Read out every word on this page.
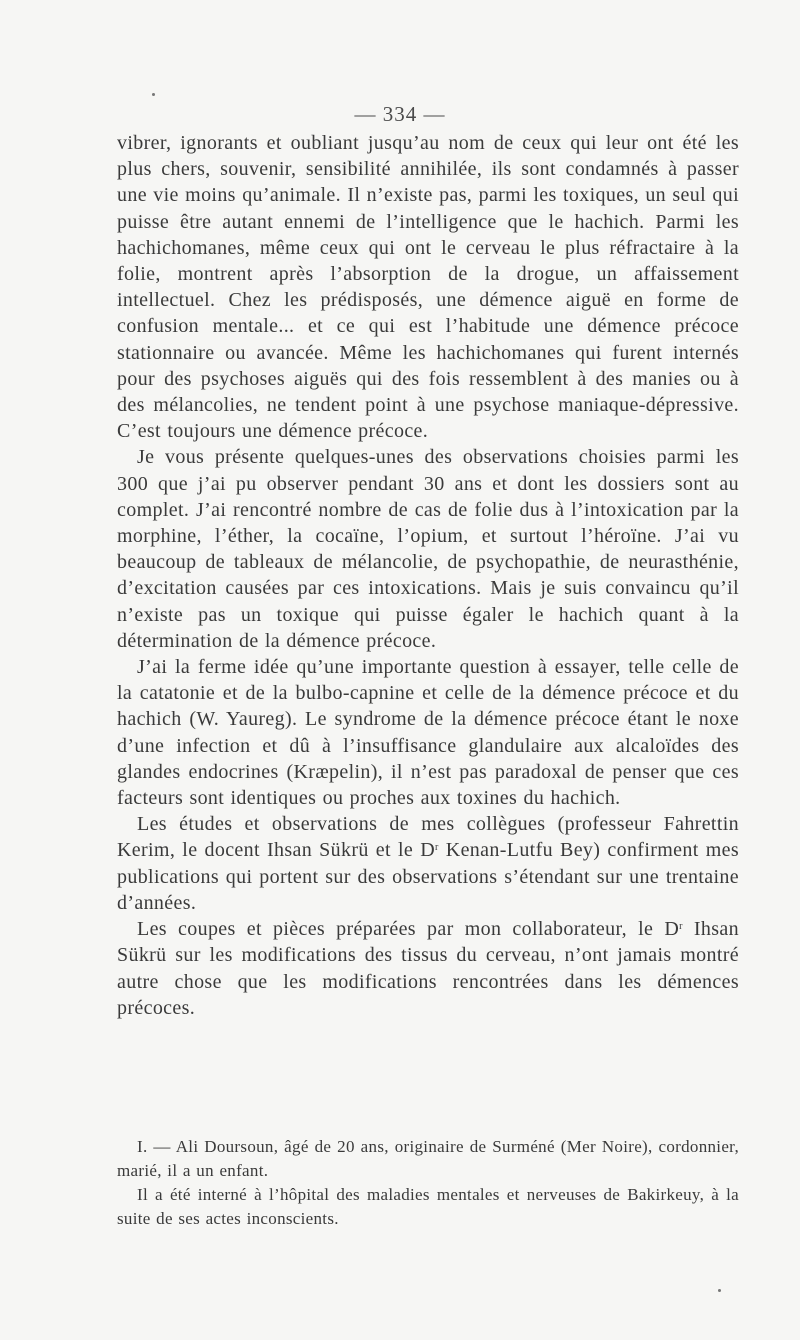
— 334 —

vibrer, ignorants et oubliant jusqu’au nom de ceux qui leur ont été les plus chers, souvenir, sensibilité annihilée, ils sont condamnés à passer une vie moins qu’animale. Il n’existe pas, parmi les toxiques, un seul qui puisse être autant ennemi de l’intelligence que le hachich. Parmi les hachichomanes, même ceux qui ont le cerveau le plus réfractaire à la folie, montrent après l’absorption de la drogue, un affaissement intellectuel. Chez les prédisposés, une démence aiguë en forme de confusion mentale... et ce qui est l’habitude une démence précoce stationnaire ou avancée. Même les hachichomanes qui furent internés pour des psychoses aiguës qui des fois ressemblent à des manies ou à des mélancolies, ne tendent point à une psychose maniaque-dépressive. C’est toujours une démence précoce.

Je vous présente quelques-unes des observations choisies parmi les 300 que j’ai pu observer pendant 30 ans et dont les dossiers sont au complet. J’ai rencontré nombre de cas de folie dus à l’intoxication par la morphine, l’éther, la cocaïne, l’opium, et surtout l’héroïne. J’ai vu beaucoup de tableaux de mélancolie, de psychopathie, de neurasthénie, d’excitation causées par ces intoxications. Mais je suis convaincu qu’il n’existe pas un toxique qui puisse égaler le hachich quant à la détermination de la démence précoce.

J’ai la ferme idée qu’une importante question à essayer, telle celle de la catatonie et de la bulbo-capnine et celle de la démence précoce et du hachich (W. Yaureg). Le syndrome de la démence précoce étant le noxe d’une infection et dû à l’insuffisance glandulaire aux alcaloïdes des glandes endocrines (Kræpelin), il n’est pas paradoxal de penser que ces facteurs sont identiques ou proches aux toxines du hachich.

Les études et observations de mes collègues (professeur Fahrettin Kerim, le docent Ihsan Sükrü et le $D^r$ Kenan-Lutfu Bey) confirment mes publications qui portent sur des observations s’étendant sur une trentaine d’années.

Les coupes et pièces préparées par mon collaborateur, le $D^r$ Ihsan Sükrü sur les modifications des tissus du cerveau, n’ont jamais montré autre chose que les modifications rencontrées dans les démences précoces.

I. — Ali Doursoun, âgé de 20 ans, originaire de Surméné (Mer Noire), cordonnier, marié, il a un enfant.

Il a été interné à l’hôpital des maladies mentales et nerveuses de Bakirkeuy, à la suite de ses actes inconscients.
